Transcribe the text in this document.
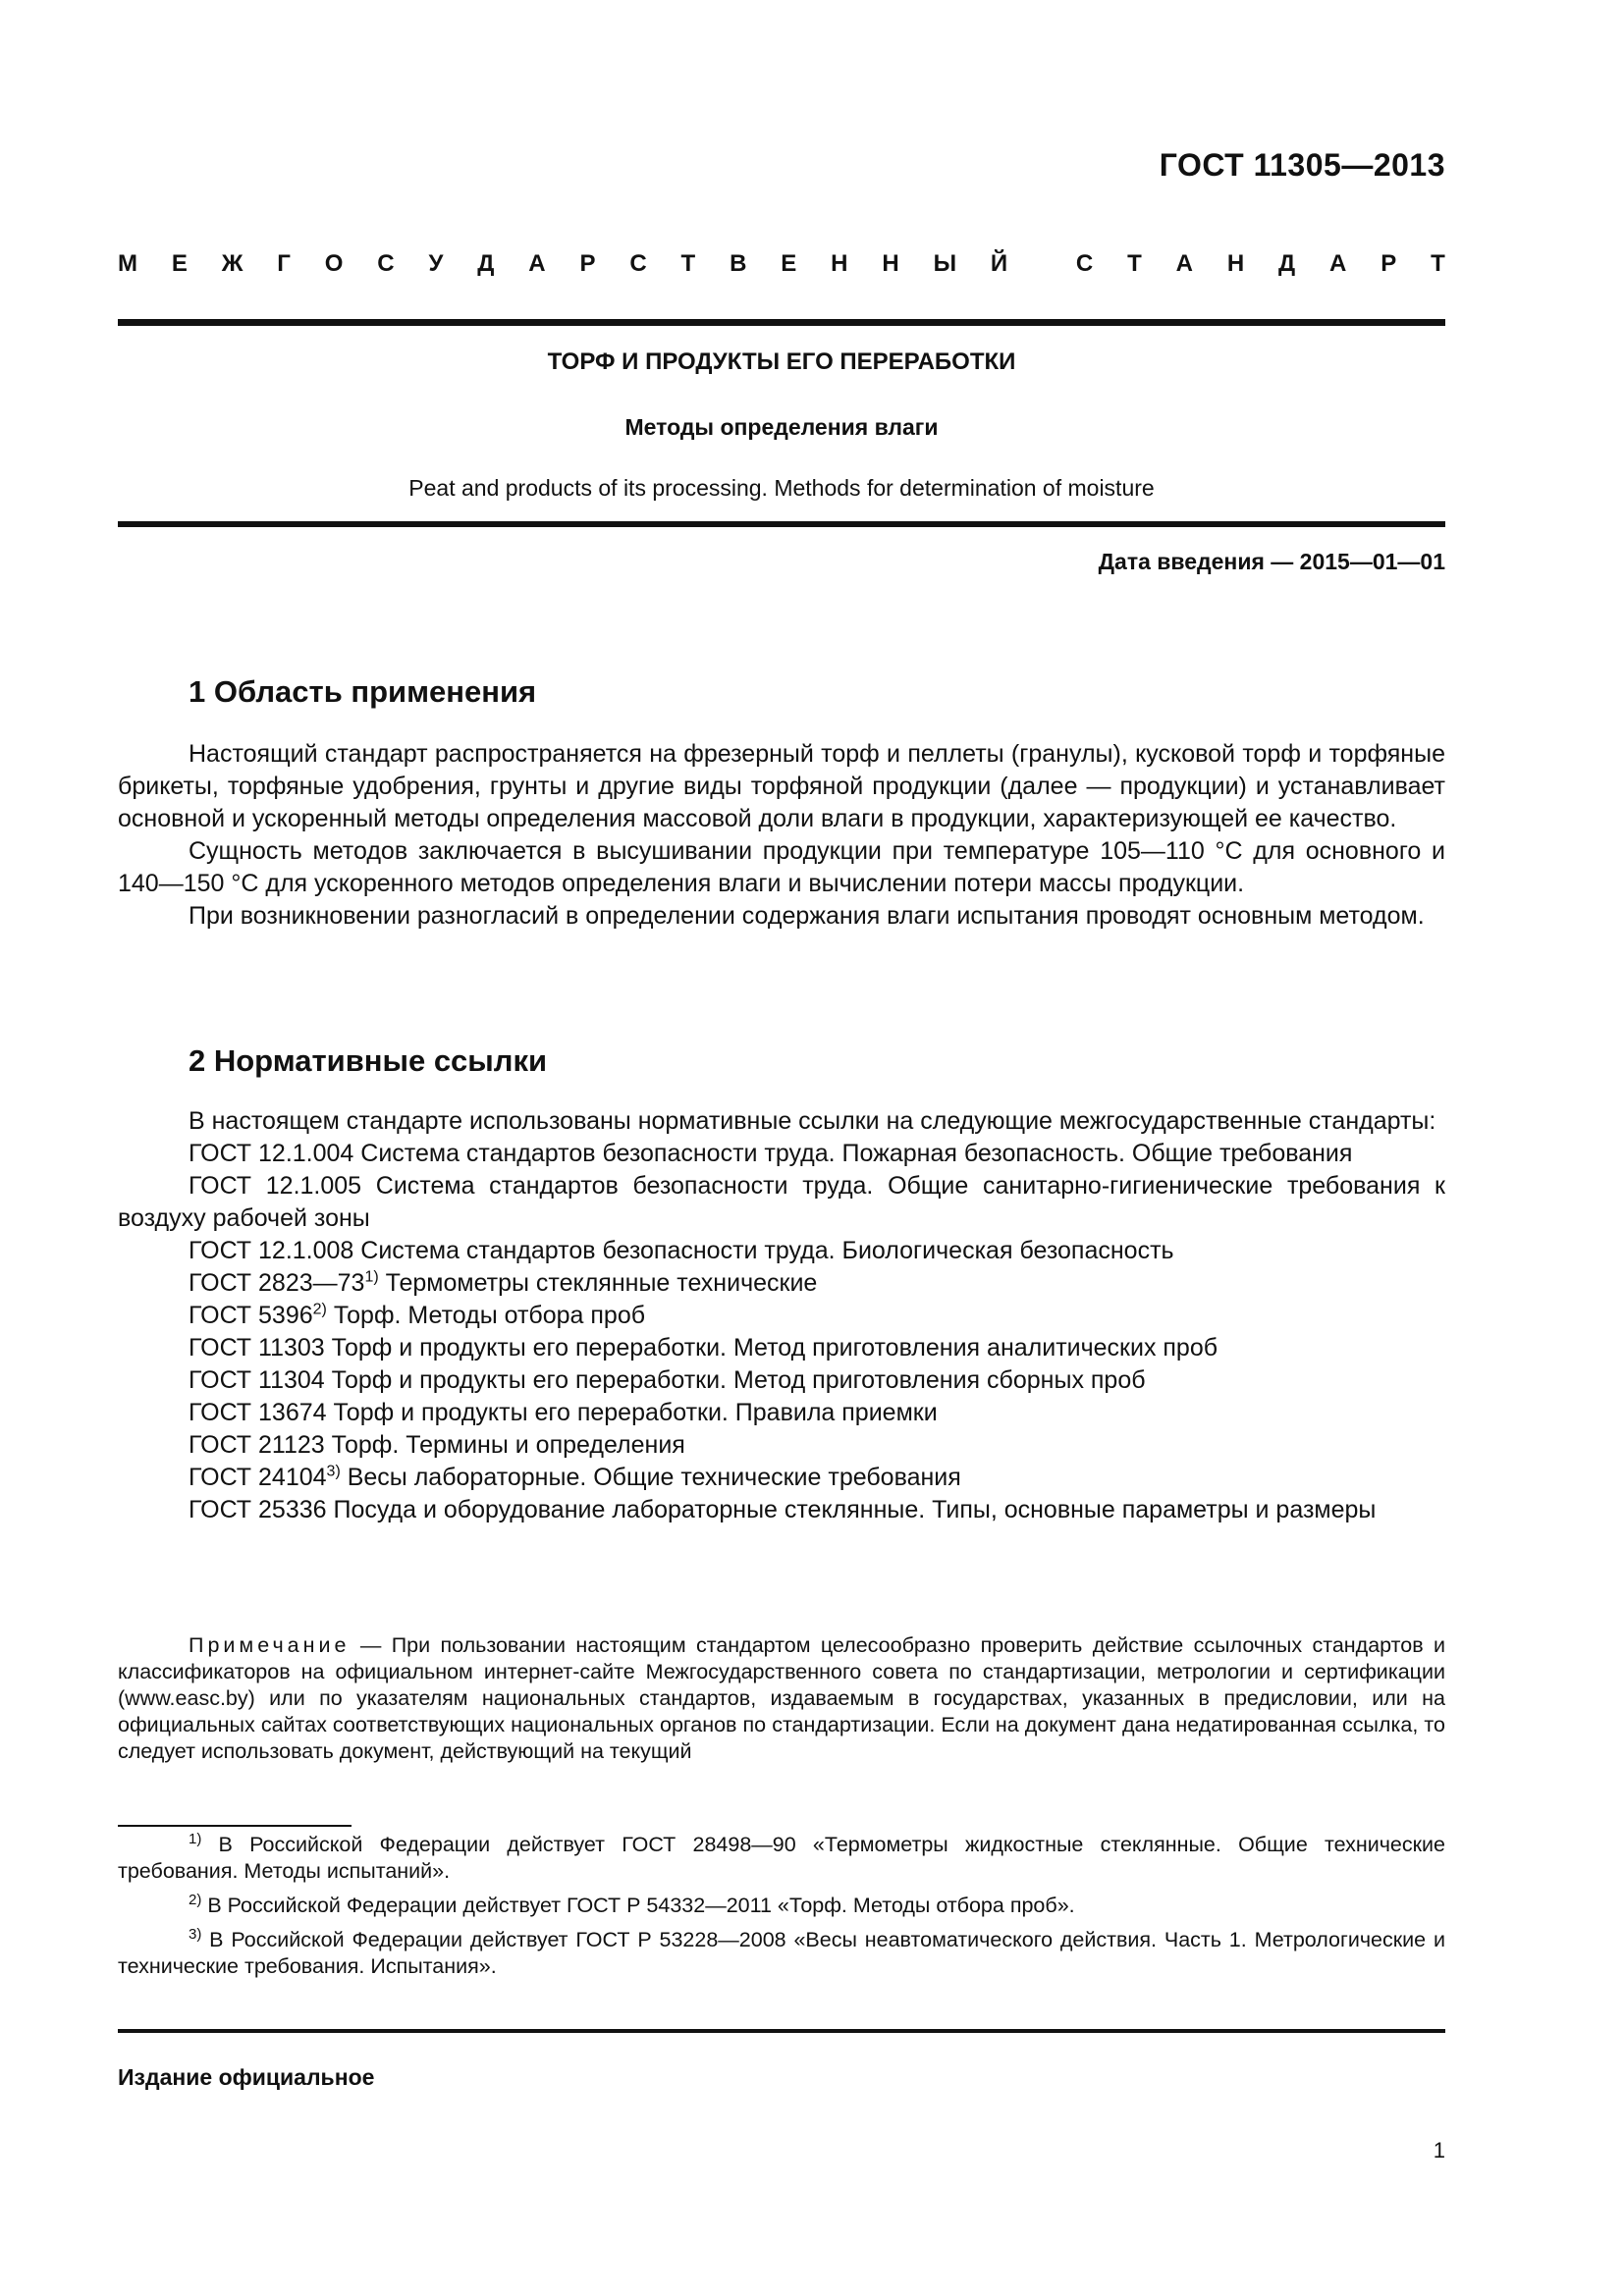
ГОСТ 11305—2013
М Е Ж Г О С У Д А Р С Т В Е Н Н Ы Й	С Т А Н Д А Р Т
ТОРФ И ПРОДУКТЫ ЕГО ПЕРЕРАБОТКИ
Методы определения влаги
Peat and products of its processing. Methods for determination of moisture
Дата введения — 2015—01—01
1 Область применения

Настоящий стандарт распространяется на фрезерный торф и пеллеты (гранулы), кусковой торф и торфяные брикеты, торфяные удобрения, грунты и другие виды торфяной продукции (далее — продукции) и устанавливает основной и ускоренный методы определения массовой доли влаги в продукции, характеризующей ее качество.

Сущность методов заключается в высушивании продукции при температуре 105—110 °C для основного и 140—150 °C для ускоренного методов определения влаги и вычислении потери массы продукции.

При возникновении разногласий в определении содержания влаги испытания проводят основным методом.

2 Нормативные ссылки

В настоящем стандарте использованы нормативные ссылки на следующие межгосударственные стандарты:

ГОСТ 12.1.004 Система стандартов безопасности труда. Пожарная безопасность. Общие требования

ГОСТ 12.1.005 Система стандартов безопасности труда. Общие санитарно-гигиенические требования к воздуху рабочей зоны

ГОСТ 12.1.008 Система стандартов безопасности труда. Биологическая безопасность

ГОСТ 2823—73$^{1)}$ Термометры стеклянные технические

ГОСТ 5396$^{2)}$ Торф. Методы отбора проб

ГОСТ 11303 Торф и продукты его переработки. Метод приготовления аналитических проб

ГОСТ 11304 Торф и продукты его переработки. Метод приготовления сборных проб

ГОСТ 13674 Торф и продукты его переработки. Правила приемки

ГОСТ 21123 Торф. Термины и определения

ГОСТ 24104$^{3)}$ Весы лабораторные. Общие технические требования

ГОСТ 25336 Посуда и оборудование лабораторные стеклянные. Типы, основные параметры и размеры

Примечание — При пользовании настоящим стандартом целесообразно проверить действие ссылочных стандартов и классификаторов на официальном интернет-сайте Межгосударственного совета по стандартизации, метрологии и сертификации (www.easc.by) или по указателям национальных стандартов, издаваемым в государствах, указанных в предисловии, или на официальных сайтах соответствующих национальных органов по стандартизации. Если на документ дана недатированная ссылка, то следует использовать документ, действующий на текущий

$^{1)}$ В Российской Федерации действует ГОСТ 28498—90 «Термометры жидкостные стеклянные. Общие технические требования. Методы испытаний».

$^{2)}$ В Российской Федерации действует ГОСТ Р 54332—2011 «Торф. Методы отбора проб».

$^{3)}$ В Российской Федерации действует ГОСТ Р 53228—2008 «Весы неавтоматического действия. Часть 1. Метрологические и технические требования. Испытания».

Издание официальное
1
